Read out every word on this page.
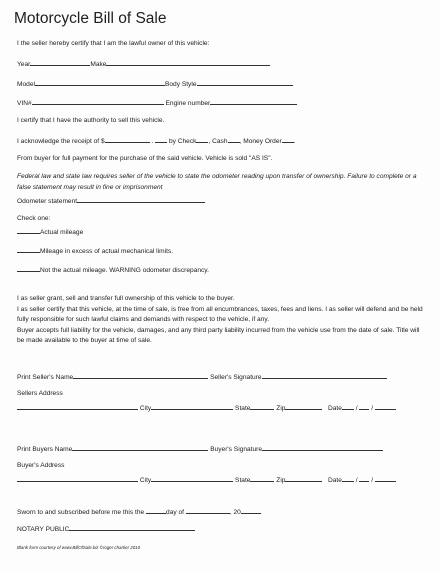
Motorcycle Bill of Sale
I the seller hereby certify that I am the lawful owner of this vehicle:
Year	Make
Model	Body Style
VIN#	Engine number
I certify that I have the authority to sell this vehicle.
I acknowledge the receipt of $	.  by Check , Cash , Money Order .
From buyer for full payment for the purchase of the said vehicle. Vehicle is sold "AS IS".
Federal law and state law requires seller of the vehicle to state the odometer reading upon transfer of ownership. Failure to complete or a false statement may result in fine or imprisonment
Odometer statement
Check one:
Actual mileage
Mileage in excess of actual mechanical limits.
Not the actual mileage. WARNING odometer discrepancy.

I as seller grant, sell and transfer full ownership of this vehicle to the buyer.

I as seller certify that this vehicle, at the time of sale, is free from all encumbrances, taxes, fees and liens. I as seller will defend and be held fully responsible for such lawful claims and demands with respect to the vehicle, if any.

Buyer accepts full liability for the vehicle, damages, and any third party liability incurred from the vehicle use from the date of sale. Title will be made available to the buyer at time of sale.

Print Seller's Name	Seller's Signature
Sellers Address
City	State	Zip	Date /  /
Print Buyers Name	Buyer's Signature
Buyer's Address
City	State	Zip	Date /  /
Sworn to and subscribed before me this the	day of	, 20
NOTARY PUBLIC
Blank form courtesy of www.BillOfSale.biz ©roger chartier 2010
